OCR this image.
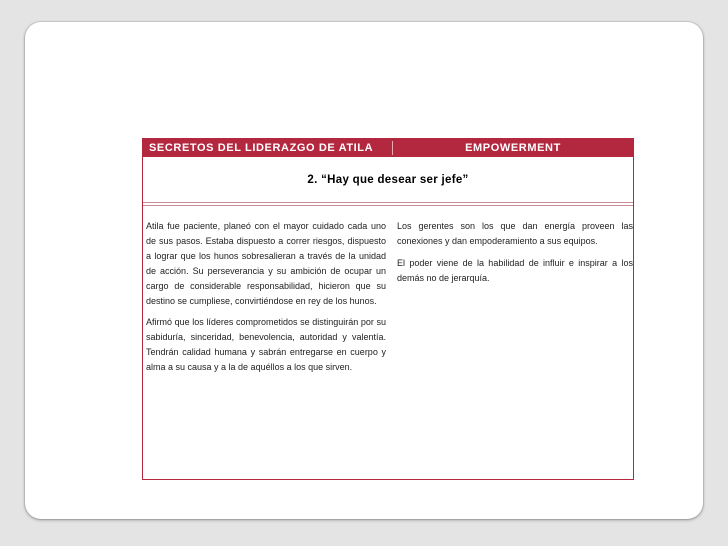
SECRETOS DEL LIDERAZGO DE ATILA	EMPOWERMENT
2. “Hay que desear ser jefe”

Atila fue paciente, planeó con el mayor cuidado cada uno de sus pasos. Estaba dispuesto a correr riesgos, dispuesto a lograr que los hunos sobresalieran a través de la unidad de acción. Su perseverancia y su ambición de ocupar un cargo de considerable responsabilidad, hicieron que su destino se cumpliese, convirtiéndose en rey de los hunos.

Afirmó que los líderes comprometidos se distinguirán por su sabiduría, sinceridad, benevolencia, autoridad y valentía. Tendrán calidad humana y sabrán entregarse en cuerpo y alma a su causa y a la de aquéllos a los que sirven.

Los gerentes son los que dan energía proveen las conexiones y dan empoderamiento a sus equipos.

El poder viene de la habilidad de influir e inspirar a los demás no de jerarquía.
